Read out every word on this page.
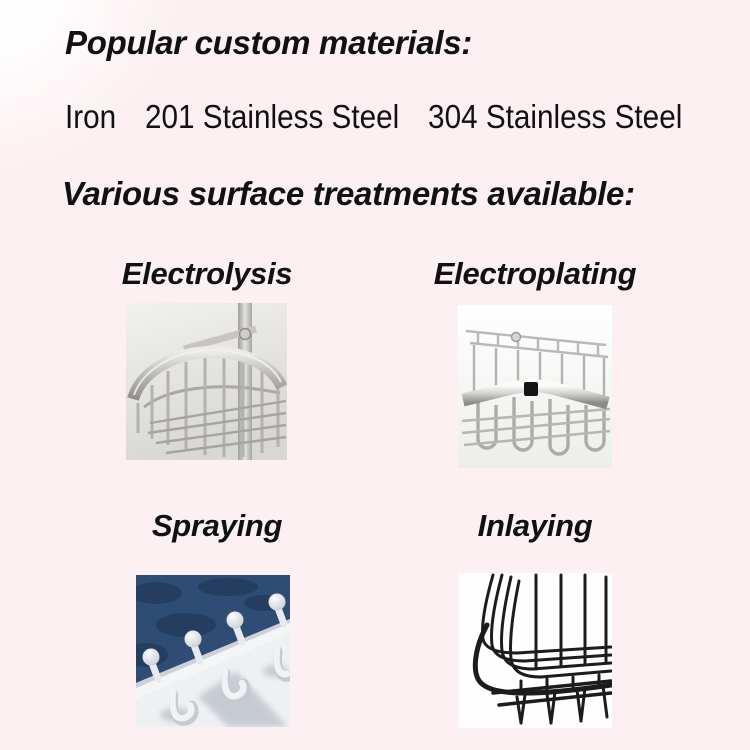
Popular custom materials:
Iron 201 Stainless Steel 304 Stainless Steel
Various surface treatments available:
Electrolysis	Electroplating
Spraying	Inlaying
